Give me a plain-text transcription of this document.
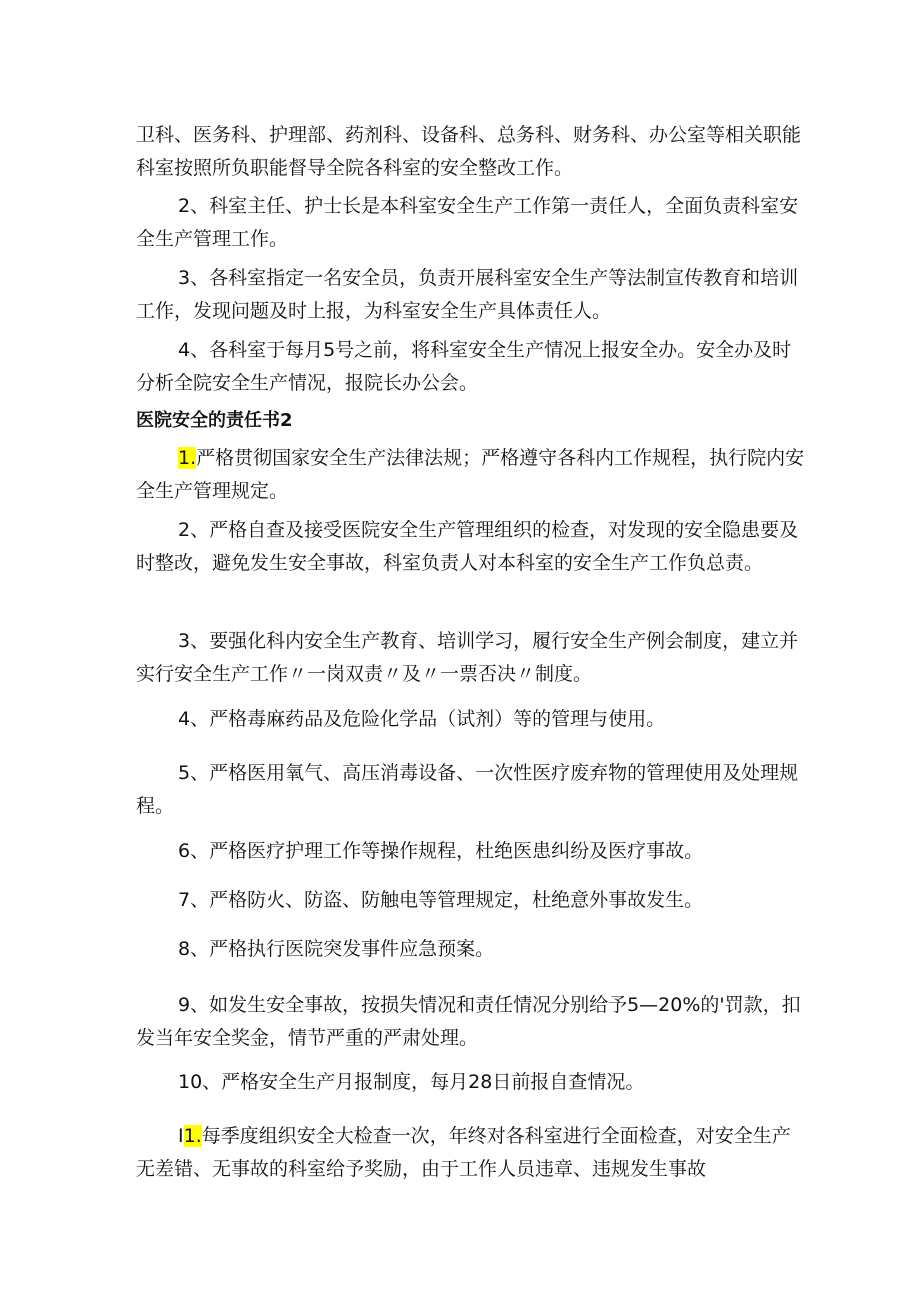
卫科、医务科、护理部、药剂科、设备科、总务科、财务科、办公室等相关职能科室按照所负职能督导全院各科室的安全整改工作。

2、科室主任、护士长是本科室安全生产工作第一责任人，全面负责科室安全生产管理工作。

3、各科室指定一名安全员，负责开展科室安全生产等法制宣传教育和培训工作，发现问题及时上报，为科室安全生产具体责任人。

4、各科室于每月5号之前，将科室安全生产情况上报安全办。安全办及时分析全院安全生产情况，报院长办公会。

医院安全的责任书2

1.严格贯彻国家安全生产法律法规；严格遵守各科内工作规程，执行院内安全生产管理规定。

2、严格自查及接受医院安全生产管理组织的检查，对发现的安全隐患要及时整改，避免发生安全事故，科室负责人对本科室的安全生产工作负总责。

3、要强化科内安全生产教育、培训学习，履行安全生产例会制度，建立并实行安全生产工作〃一岗双责〃及〃一票否决〃制度。

4、严格毒麻药品及危险化学品（试剂）等的管理与使用。

5、严格医用氧气、高压消毒设备、一次性医疗废弃物的管理使用及处理规程。

6、严格医疗护理工作等操作规程，杜绝医患纠纷及医疗事故。

7、严格防火、防盗、防触电等管理规定，杜绝意外事故发生。

8、严格执行医院突发事件应急预案。

9、如发生安全事故，按损失情况和责任情况分别给予5—20%的'罚款，扣发当年安全奖金，情节严重的严肃处理。

10、严格安全生产月报制度，每月28日前报自查情况。

I1.每季度组织安全大检查一次，年终对各科室进行全面检查，对安全生产无差错、无事故的科室给予奖励，由于工作人员违章、违规发生事故
